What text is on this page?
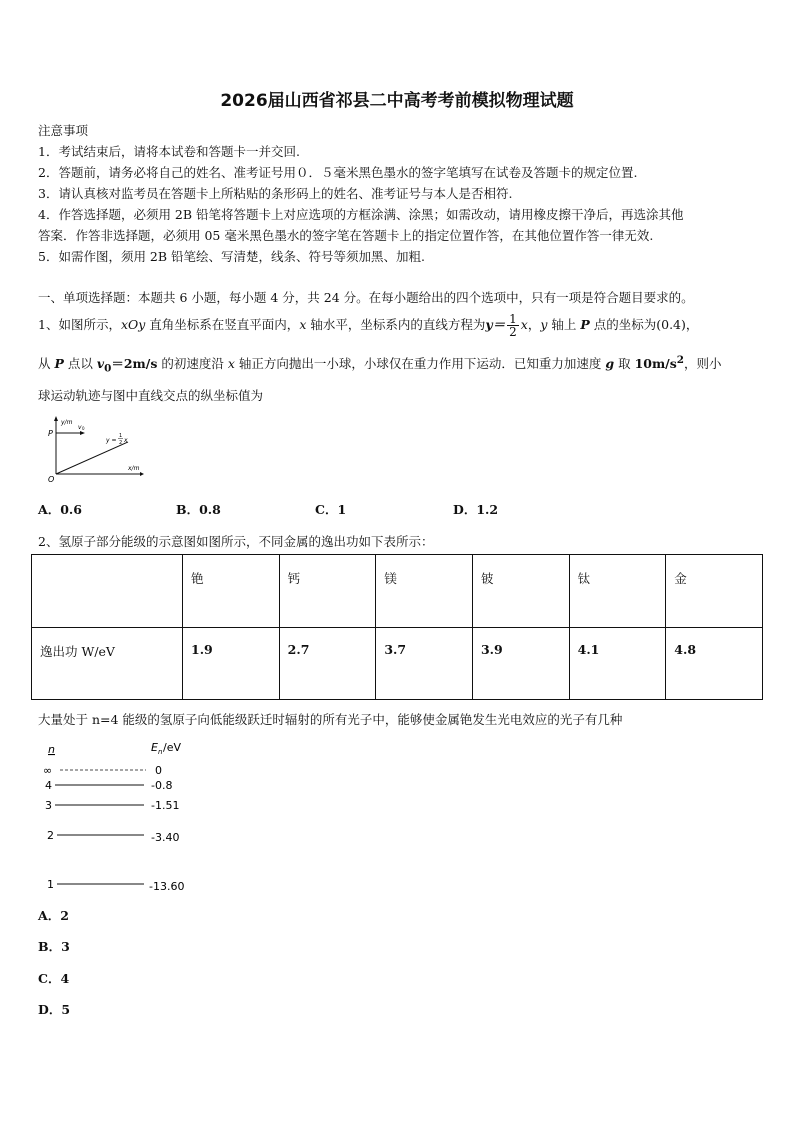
2026届山西省祁县二中高考考前模拟物理试题
注意事项
1．考试结束后，请将本试卷和答题卡一并交回.
2．答题前，请务必将自己的姓名、准考证号用０．５毫米黑色墨水的签字笔填写在试卷及答题卡的规定位置.
3．请认真核对监考员在答题卡上所粘贴的条形码上的姓名、准考证号与本人是否相符.
4．作答选择题，必须用 2B 铅笔将答题卡上对应选项的方框涂满、涂黑；如需改动，请用橡皮擦干净后，再选涂其他
答案．作答非选择题，必须用 05 毫米黑色墨水的签字笔在答题卡上的指定位置作答，在其他位置作答一律无效.
5．如需作图，须用 2B 铅笔绘、写清楚，线条、符号等须加黑、加粗.
一、单项选择题：本题共 6 小题，每小题 4 分，共 24 分。在每小题给出的四个选项中，只有一项是符合题目要求的。
1、如图所示，xOy 直角坐标系在竖直平面内，x 轴水平，坐标系内的直线方程为$y= \frac{1}{2}$ x，y 轴上 P 点的坐标为(0.4)，
从 P 点以 $v_0=2m/s$ 的初速度沿 x 轴正方向抛出一小球，小球仅在重力作用下运动．已知重力加速度 g 取 $10m/s^2$，则小
球运动轨迹与图中直线交点的纵坐标值为
y/m
x/m
P
O
v 0
y =
1
2 x
A．0.6	B．0.8	C．1	D．1.2
2、氢原子部分能级的示意图如图所示，不同金属的逸出功如下表所示：
	铯	钙	镁	铍	钛	金
逸出功 W/eV	1.9	2.7	3.7	3.9	4.1	4.8
大量处于 n=4 能级的氢原子向低能级跃迁时辐射的所有光子中，能够使金属铯发生光电效应的光子有几种
n	E n /eV
∞	0
4	-0.8
3	-1.51
2	-3.40
1	-13.60
A．2
B．3
C．4
D．5
